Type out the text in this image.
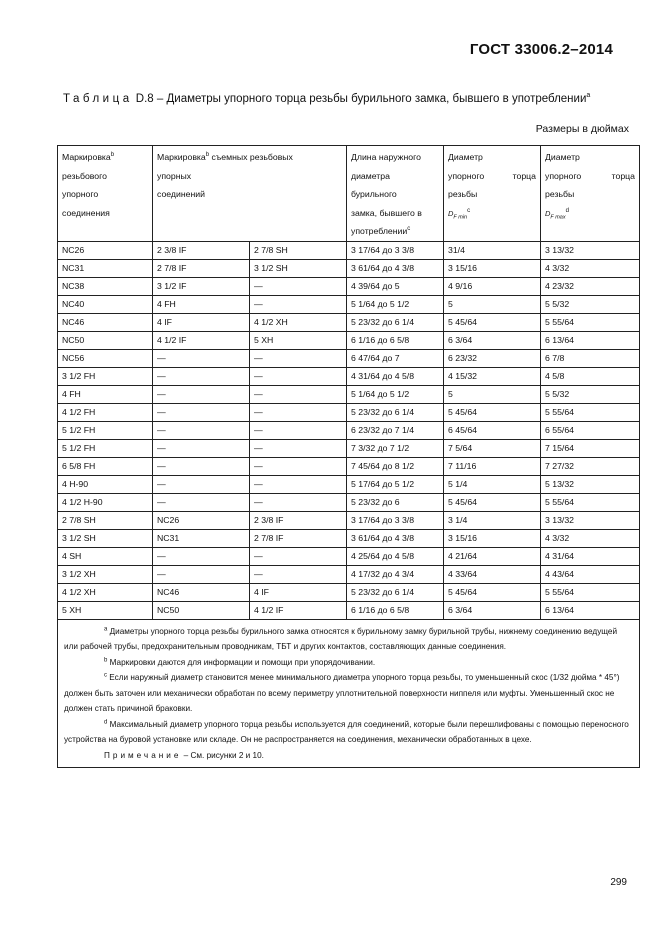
ГОСТ 33006.2–2014
Таблица D.8 – Диаметры упорного торца резьбы бурильного замка, бывшего в употреблении$^a$
Размеры в дюймах
Маркировка$^b$
резьбового
упорного
соединения	Маркировка$^b$ съемных резьбовых
упорных
соединений		Длина наружного
диаметра
бурильного
замка, бывшего в
употреблении$^c$	Диаметр

упорного торца
резьбы
$D_{F min}^c$	Диаметр

упорного торца
резьбы
$D_{F max}^d$
NC26	2 3/8 IF	2 7/8 SH	3 17/64 до 3 3/8	31/4	3 13/32
NC31	2 7/8 IF	3 1/2 SH	3 61/64 до 4 3/8	3 15/16	4 3/32
NC38	3 1/2 IF	—	4 39/64 до 5	4 9/16	4 23/32
NC40	4 FH	—	5 1/64 до 5 1/2	5	5 5/32
NC46	4 IF	4 1/2 XH	5 23/32 до 6 1/4	5 45/64	5 55/64
NC50	4 1/2 IF	5 XH	6 1/16 до 6 5/8	6 3/64	6 13/64
NC56	—	—	6 47/64 до 7	6 23/32	6 7/8
3 1/2 FH	—	—	4 31/64 до 4 5/8	4 15/32	4 5/8
4 FH	—	—	5 1/64 до 5 1/2	5	5 5/32
4 1/2 FH	—	—	5 23/32 до 6 1/4	5 45/64	5 55/64
5 1/2 FH	—	—	6 23/32 до 7 1/4	6 45/64	6 55/64
5 1/2 FH	—	—	7 3/32 до 7 1/2	7 5/64	7 15/64
6 5/8 FH	—	—	7 45/64 до 8 1/2	7 11/16	7 27/32
4 H-90	—	—	5 17/64 до 5 1/2	5 1/4	5 13/32
4 1/2 H-90	—	—	5 23/32 до 6	5 45/64	5 55/64
2 7/8 SH	NC26	2 3/8 IF	3 17/64 до 3 3/8	3 1/4	3 13/32
3 1/2 SH	NC31	2 7/8 IF	3 61/64 до 4 3/8	3 15/16	4 3/32
4 SH	—	—	4 25/64 до 4 5/8	4 21/64	4 31/64
3 1/2 XH	—	—	4 17/32 до 4 3/4	4 33/64	4 43/64
4 1/2 XH	NC46	4 IF	5 23/32 до 6 1/4	5 45/64	5 55/64
5 XH	NC50	4 1/2 IF	6 1/16 до 6 5/8	6 3/64	6 13/64

$^a$ Диаметры упорного торца резьбы бурильного замка относятся к бурильному замку бурильной трубы, нижнему соединению ведущей или рабочей трубы, предохранительным проводникам, ТБТ и других контактов, составляющих данные соединения.

$^b$ Маркировки даются для информации и помощи при упорядочивании.

$^c$ Если наружный диаметр становится менее минимального диаметра упорного торца резьбы, то уменьшенный скос (1/32 дюйма * 45°) должен быть заточен или механически обработан по всему периметру уплотнительной поверхности ниппеля или муфты. Уменьшенный скос не должен стать причиной браковки.

$^d$ Максимальный диаметр упорного торца резьбы используется для соединений, которые были перешлифованы с помощью переносного устройства на буровой установке или складе. Он не распространяется на соединения, механически обработанных в цехе.

Примечание – См. рисунки 2 и 10.					

299
